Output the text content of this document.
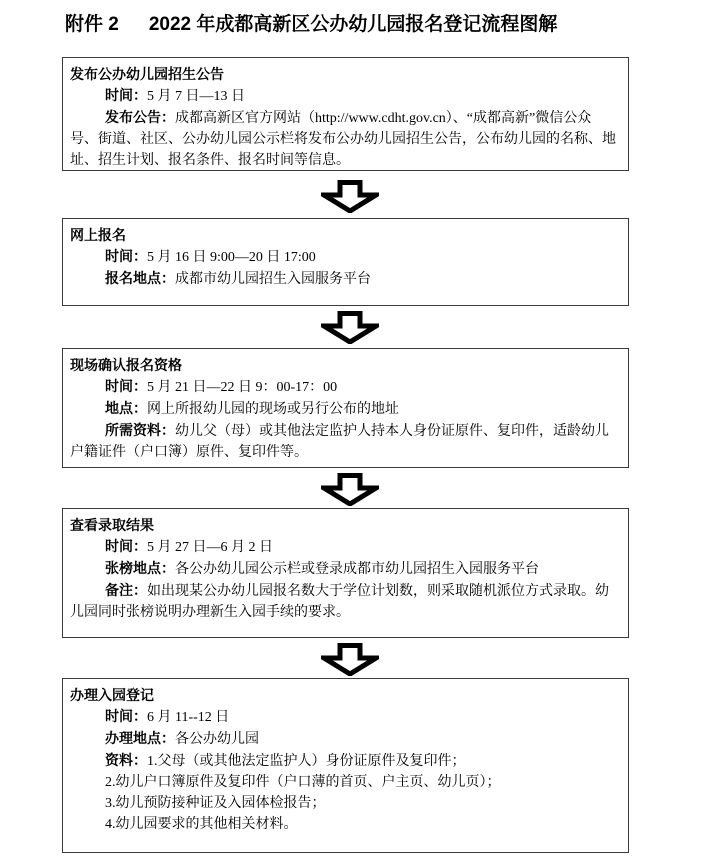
附件 2 2022 年成都高新区公办幼儿园报名登记流程图解
发布公办幼儿园招生公告

时间：5 月 7 日—13 日

发布公告：成都高新区官方网站（http://www.cdht.gov.cn）、“成都高新”微信公众号、街道、社区、公办幼儿园公示栏将发布公办幼儿园招生公告，公布幼儿园的名称、地址、招生计划、报名条件、报名时间等信息。

网上报名

时间：5 月 16 日 9:00—20 日 17:00

报名地点：成都市幼儿园招生入园服务平台

现场确认报名资格

时间：5 月 21 日—22 日 9：00-17：00

地点：网上所报幼儿园的现场或另行公布的地址

所需资料：幼儿父（母）或其他法定监护人持本人身份证原件、复印件，适龄幼儿户籍证件（户口簿）原件、复印件等。

查看录取结果

时间：5 月 27 日—6 月 2 日

张榜地点：各公办幼儿园公示栏或登录成都市幼儿园招生入园服务平台

备注：如出现某公办幼儿园报名数大于学位计划数，则采取随机派位方式录取。幼儿园同时张榜说明办理新生入园手续的要求。

办理入园登记

时间：6 月 11--12 日

办理地点：各公办幼儿园

资料：1.父母（或其他法定监护人）身份证原件及复印件；

2.幼儿户口簿原件及复印件（户口薄的首页、户主页、幼儿页）；

3.幼儿预防接种证及入园体检报告；

4.幼儿园要求的其他相关材料。
